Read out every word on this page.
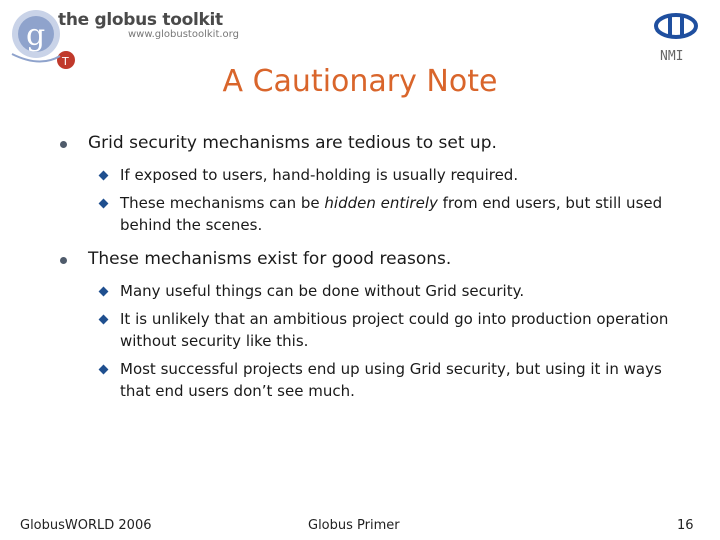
g
T
the globus toolkit
www.globustoolkit.org
NMI
A Cautionary Note
Grid security mechanisms are tedious to set up.
If exposed to users, hand-holding is usually required.
These mechanisms can be hidden entirely from end users, but still used behind the scenes.
These mechanisms exist for good reasons.
Many useful things can be done without Grid security.
It is unlikely that an ambitious project could go into production operation without security like this.
Most successful projects end up using Grid security, but using it in ways that end users don’t see much.
GlobusWORLD 2006	Globus Primer	16
